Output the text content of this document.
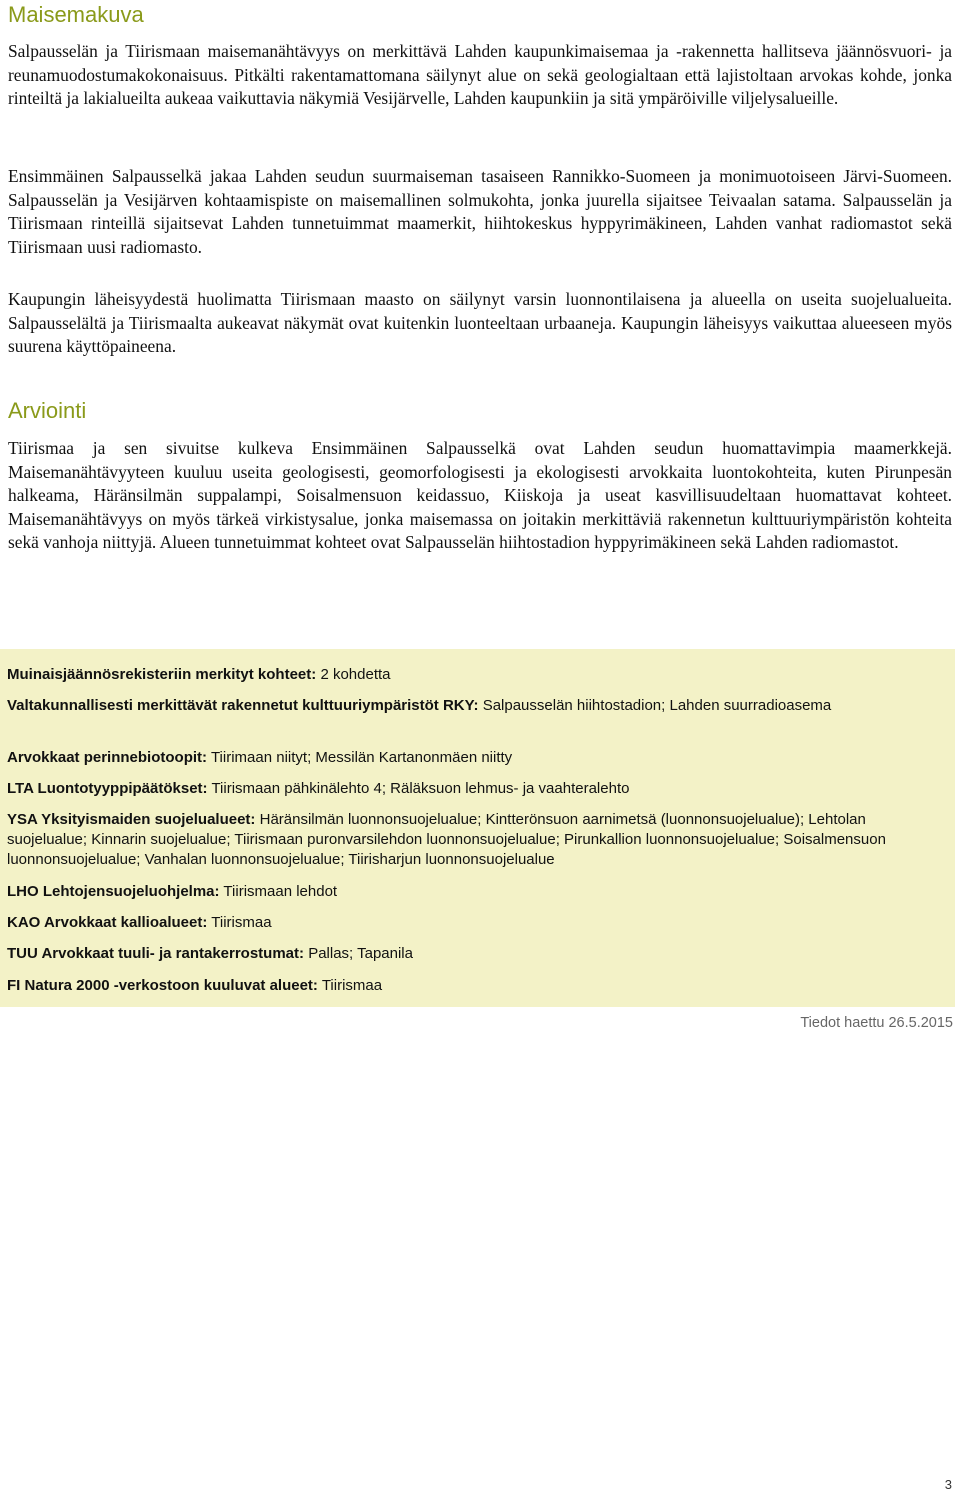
Maisemakuva

Salpausselän ja Tiirismaan maisemanähtävyys on merkittävä Lahden kaupunkimaisemaa ja -rakennetta hallitseva jäännösvuori- ja reunamuodostumakokonaisuus. Pitkälti rakentamattomana säilynyt alue on sekä geologialtaan että lajistoltaan arvokas kohde, jonka rinteiltä ja lakialueilta aukeaa vaikuttavia näkymiä Vesijärvelle, Lahden kaupunkiin ja sitä ympäröiville viljelysalueille.

Ensimmäinen Salpausselkä jakaa Lahden seudun suurmaiseman tasaiseen Rannikko-Suomeen ja monimuotoiseen Järvi-Suomeen. Salpausselän ja Vesijärven kohtaamispiste on maisemallinen solmukohta, jonka juurella sijaitsee Teivaalan satama. Salpausselän ja Tiirismaan rinteillä sijaitsevat Lahden tunnetuimmat maamerkit, hiihtokeskus hyppyrimäkineen, Lahden vanhat radiomastot sekä Tiirismaan uusi radiomasto.

Kaupungin läheisyydestä huolimatta Tiirismaan maasto on säilynyt varsin luonnontilaisena ja alueella on useita suojelualueita. Salpausselältä ja Tiirismaalta aukeavat näkymät ovat kuitenkin luonteeltaan urbaaneja. Kaupungin läheisyys vaikuttaa alueeseen myös suurena käyttöpaineena.

Arviointi

Tiirismaa ja sen sivuitse kulkeva Ensimmäinen Salpausselkä ovat Lahden seudun huomattavimpia maamerkkejä. Maisemanähtävyyteen kuuluu useita geologisesti, geomorfologisesti ja ekologisesti arvokkaita luontokohteita, kuten Pirunpesän halkeama, Häränsilmän suppalampi, Soisalmensuon keidassuo, Kiiskoja ja useat kasvillisuudeltaan huomattavat kohteet. Maisemanähtävyys on myös tärkeä virkistysalue, jonka maisemassa on joitakin merkittäviä rakennetun kulttuuriympäristön kohteita sekä vanhoja niittyjä. Alueen tunnetuimmat kohteet ovat Salpausselän hiihtostadion hyppyrimäkineen sekä Lahden radiomastot.

Muinaisjäännösrekisteriin merkityt kohteet: 2 kohdetta

Valtakunnallisesti merkittävät rakennetut kulttuuriympäristöt RKY: Salpausselän hiihtostadion; Lahden suurradioasema

Arvokkaat perinnebiotoopit: Tiirimaan niityt; Messilän Kartanonmäen niitty

LTA Luontotyyppipäätökset: Tiirismaan pähkinälehto 4; Räläksuon lehmus- ja vaahteralehto

YSA Yksityismaiden suojelualueet: Häränsilmän luonnonsuojelualue; Kintterönsuon aarnimetsä (luonnonsuojelualue); Lehtolan suojelualue; Kinnarin suojelualue; Tiirismaan puronvarsilehdon luonnonsuojelualue; Pirunkallion luonnonsuojelualue; Soisalmensuon luonnonsuojelualue; Vanhalan luonnonsuojelualue; Tiirisharjun luonnonsuojelualue

LHO Lehtojensuojeluohjelma: Tiirismaan lehdot

KAO Arvokkaat kallioalueet: Tiirismaa

TUU Arvokkaat tuuli- ja rantakerrostumat: Pallas; Tapanila

FI Natura 2000 -verkostoon kuuluvat alueet: Tiirismaa

Tiedot haettu 26.5.2015
3
